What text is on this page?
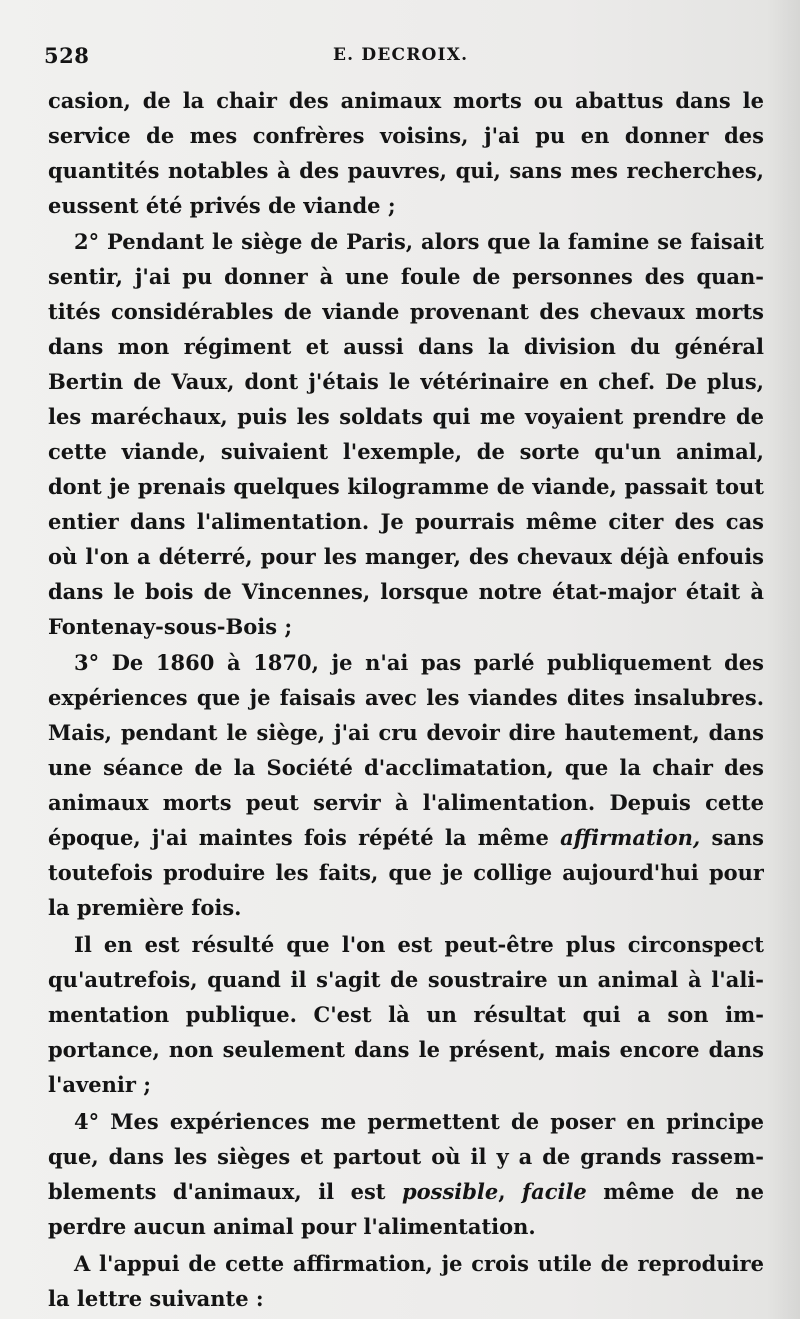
528	E. DECROIX.
casion, de la chair des animaux morts ou abattus dans le
service de mes confrères voisins, j'ai pu en donner des
quantités notables à des pauvres, qui, sans mes recherches,
eussent été privés de viande ;
2° Pendant le siège de Paris, alors que la famine se faisait
sentir, j'ai pu donner à une foule de personnes des quan-
tités considérables de viande provenant des chevaux morts
dans mon régiment et aussi dans la division du général
Bertin de Vaux, dont j'étais le vétérinaire en chef. De plus,
les maréchaux, puis les soldats qui me voyaient prendre de
cette viande, suivaient l'exemple, de sorte qu'un animal,
dont je prenais quelques kilogramme de viande, passait tout
entier dans l'alimentation. Je pourrais même citer des cas
où l'on a déterré, pour les manger, des chevaux déjà enfouis
dans le bois de Vincennes, lorsque notre état-major était à
Fontenay-sous-Bois ;
3° De 1860 à 1870, je n'ai pas parlé publiquement des
expériences que je faisais avec les viandes dites insalubres.
Mais, pendant le siège, j'ai cru devoir dire hautement, dans
une séance de la Société d'acclimatation, que la chair des
animaux morts peut servir à l'alimentation. Depuis cette
époque, j'ai maintes fois répété la même affirmation, sans
toutefois produire les faits, que je collige aujourd'hui pour
la première fois.
Il en est résulté que l'on est peut-être plus circonspect
qu'autrefois, quand il s'agit de soustraire un animal à l'ali-
mentation publique. C'est là un résultat qui a son im-
portance, non seulement dans le présent, mais encore dans
l'avenir ;
4° Mes expériences me permettent de poser en principe
que, dans les sièges et partout où il y a de grands rassem-
blements d'animaux, il est possible, facile même de ne
perdre aucun animal pour l'alimentation.
A l'appui de cette affirmation, je crois utile de reproduire
la lettre suivante :
